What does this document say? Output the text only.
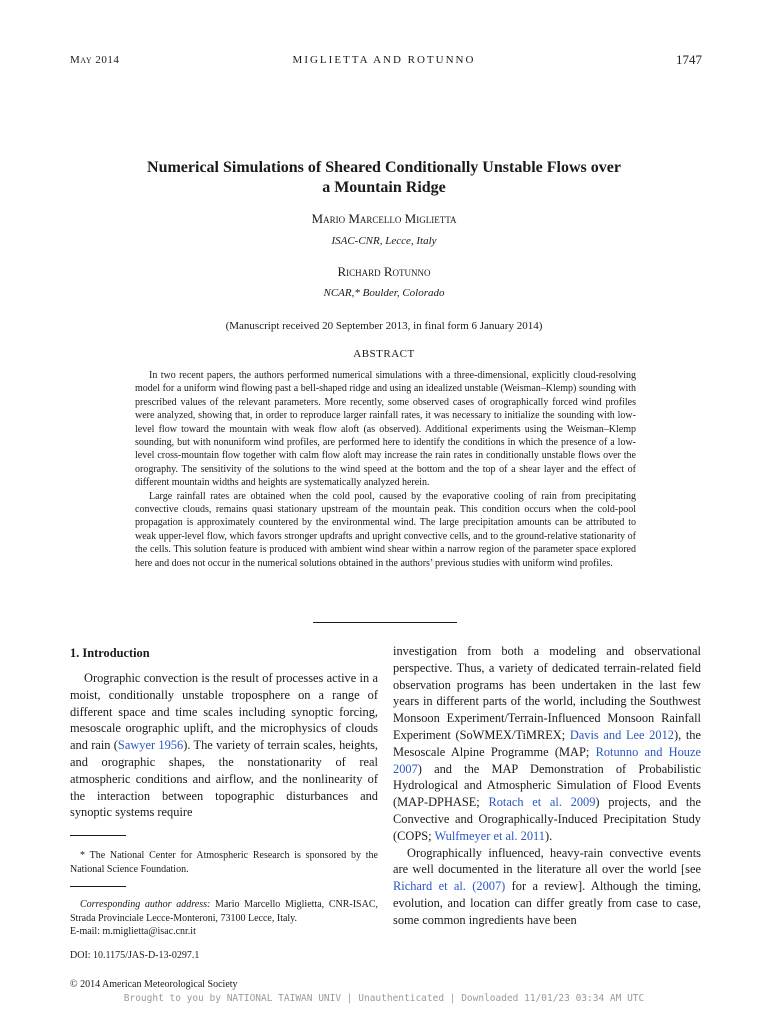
May 2014	MIGLIETTA AND ROTUNNO	1747
Numerical Simulations of Sheared Conditionally Unstable Flows over
a Mountain Ridge
Mario Marcello Miglietta
ISAC-CNR, Lecce, Italy
Richard Rotunno
NCAR,* Boulder, Colorado
(Manuscript received 20 September 2013, in final form 6 January 2014)
ABSTRACT

In two recent papers, the authors performed numerical simulations with a three-dimensional, explicitly cloud-resolving model for a uniform wind flowing past a bell-shaped ridge and using an idealized unstable (Weisman–Klemp) sounding with prescribed values of the relevant parameters. More recently, some observed cases of orographically forced wind profiles were analyzed, showing that, in order to reproduce larger rainfall rates, it was necessary to initialize the sounding with low-level flow toward the mountain with weak flow aloft (as observed). Additional experiments using the Weisman–Klemp sounding, but with nonuniform wind profiles, are performed here to identify the conditions in which the presence of a low-level cross-mountain flow together with calm flow aloft may increase the rain rates in conditionally unstable flows over the orography. The sensitivity of the solutions to the wind speed at the bottom and the top of a shear layer and the effect of different mountain widths and heights are systematically analyzed herein.

Large rainfall rates are obtained when the cold pool, caused by the evaporative cooling of rain from precipitating convective clouds, remains quasi stationary upstream of the mountain peak. This condition occurs when the cold-pool propagation is approximately countered by the environmental wind. The large precipitation amounts can be attributed to weak upper-level flow, which favors stronger updrafts and upright convective cells, and to the ground-relative stationarity of the cells. This solution feature is produced with ambient wind shear within a narrow region of the parameter space explored here and does not occur in the numerical solutions obtained in the authors’ previous studies with uniform wind profiles.

1. Introduction

Orographic convection is the result of processes active in a moist, conditionally unstable troposphere on a range of different space and time scales including synoptic forcing, mesoscale orographic uplift, and the microphysics of clouds and rain (Sawyer 1956). The variety of terrain scales, heights, and orographic shapes, the nonstationarity of real atmospheric conditions and airflow, and the nonlinearity of the interaction between topographic disturbances and synoptic systems require

investigation from both a modeling and observational perspective. Thus, a variety of dedicated terrain-related field observation programs has been undertaken in the last few years in different parts of the world, including the Southwest Monsoon Experiment/Terrain-Influenced Monsoon Rainfall Experiment (SoWMEX/TiMREX; Davis and Lee 2012), the Mesoscale Alpine Programme (MAP; Rotunno and Houze 2007) and the MAP Demonstration of Probabilistic Hydrological and Atmospheric Simulation of Flood Events (MAP-DPHASE; Rotach et al. 2009) projects, and the Convective and Orographically-Induced Precipitation Study (COPS; Wulfmeyer et al. 2011).

Orographically influenced, heavy-rain convective events are well documented in the literature all over the world [see Richard et al. (2007) for a review]. Although the timing, evolution, and location can differ greatly from case to case, some common ingredients have been

* The National Center for Atmospheric Research is sponsored by the National Science Foundation.

Corresponding author address: Mario Marcello Miglietta, CNR-ISAC, Strada Provinciale Lecce-Monteroni, 73100 Lecce, Italy.

E-mail: m.miglietta@isac.cnr.it

DOI: 10.1175/JAS-D-13-0297.1
© 2014 American Meteorological Society
Brought to you by NATIONAL TAIWAN UNIV | Unauthenticated | Downloaded 11/01/23 03:34 AM UTC
